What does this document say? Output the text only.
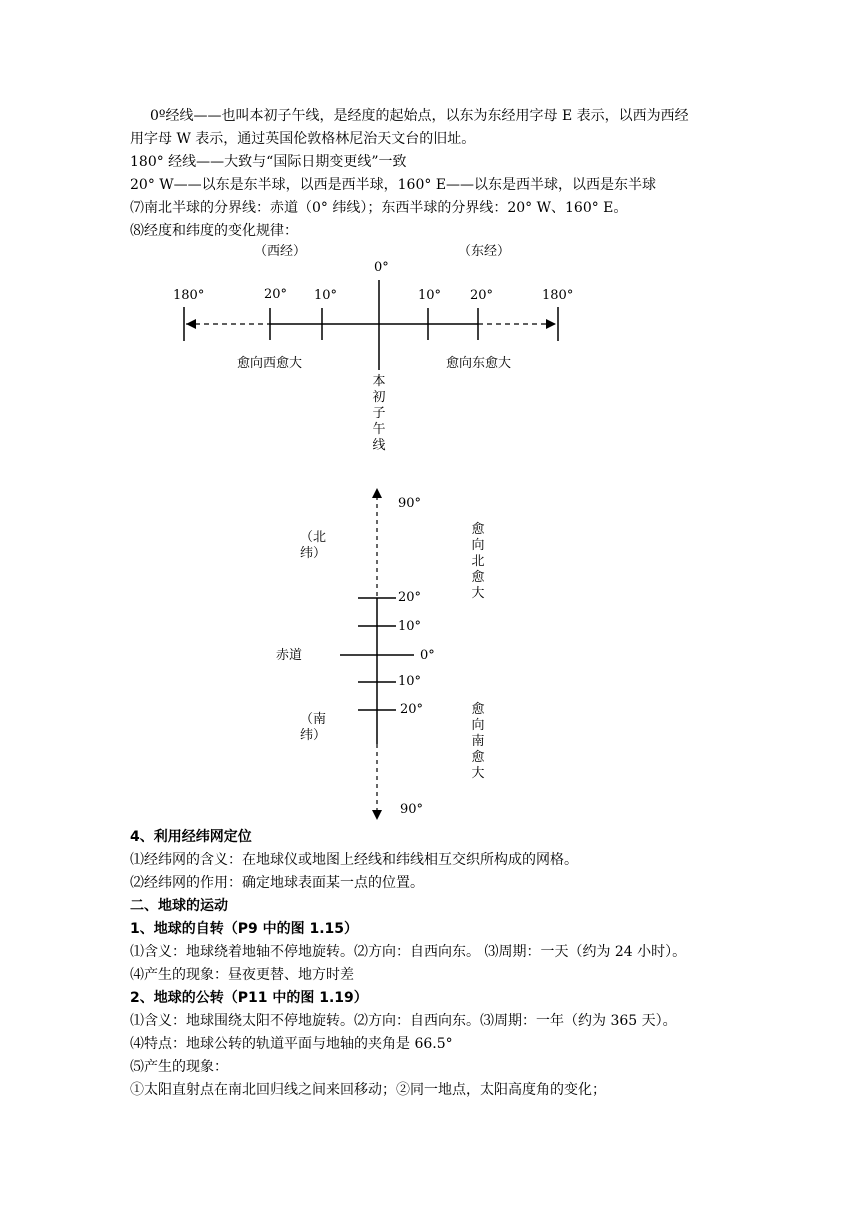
0º经线——也叫本初子午线，是经度的起始点，以东为东经用字母 E 表示，以西为西经
用字母 W 表示，通过英国伦敦格林尼治天文台的旧址。
180° 经线——大致与“国际日期变更线”一致
20° W——以东是东半球，以西是西半球，160° E——以东是西半球，以西是东半球
⑺南北半球的分界线：赤道（0° 纬线）；东西半球的分界线：20° W、160° E。
⑻经度和纬度的变化规律：
（西经）	（东经）
0°
180°	20° 10°	10° 20°	180°
愈向西愈大	愈向东愈大
本初子午线
90°
（北纬）
愈向北愈大
20°
10°
赤道	0°
10°
20°
（南纬）
愈向南愈大
90°
4、利用经纬网定位
⑴经纬网的含义：在地球仪或地图上经线和纬线相互交织所构成的网格。
⑵经纬网的作用：确定地球表面某一点的位置。
二、地球的运动
1、地球的自转（P9 中的图 1.15）
⑴含义：地球绕着地轴不停地旋转。⑵方向：自西向东。 ⑶周期：一天（约为 24 小时）。
⑷产生的现象：昼夜更替、地方时差
2、地球的公转（P11 中的图 1.19）
⑴含义：地球围绕太阳不停地旋转。⑵方向：自西向东。⑶周期：一年（约为 365 天）。
⑷特点：地球公转的轨道平面与地轴的夹角是 66.5°
⑸产生的现象：
①太阳直射点在南北回归线之间来回移动；②同一地点，太阳高度角的变化；
